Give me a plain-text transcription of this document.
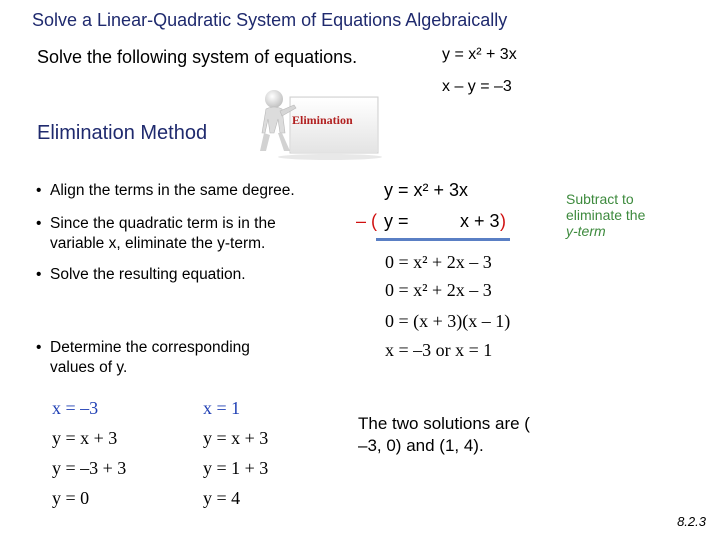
Solve a Linear-Quadratic System of Equations Algebraically
Solve the following system of equations.	y = x² + 3x
x – y = –3
Elimination Method
Elimination
• Align the terms in the same degree.
• Since the quadratic term is in the
variable x, eliminate the y-term.
• Solve the resulting equation.
• Determine the corresponding
values of y.
y = x² + 3x
– ( y =	x + 3 )
0 = x² + 2x – 3
0 = x² + 2x – 3
0 = (x + 3)(x – 1)
x = –3 or x = 1
Subtract to
eliminate the
y-term
x = –3
y = x + 3
y = –3 + 3
y = 0
x = 1
y = x + 3
y = 1 + 3
y = 4
The two solutions are (
–3, 0) and (1, 4).
8.2.3
